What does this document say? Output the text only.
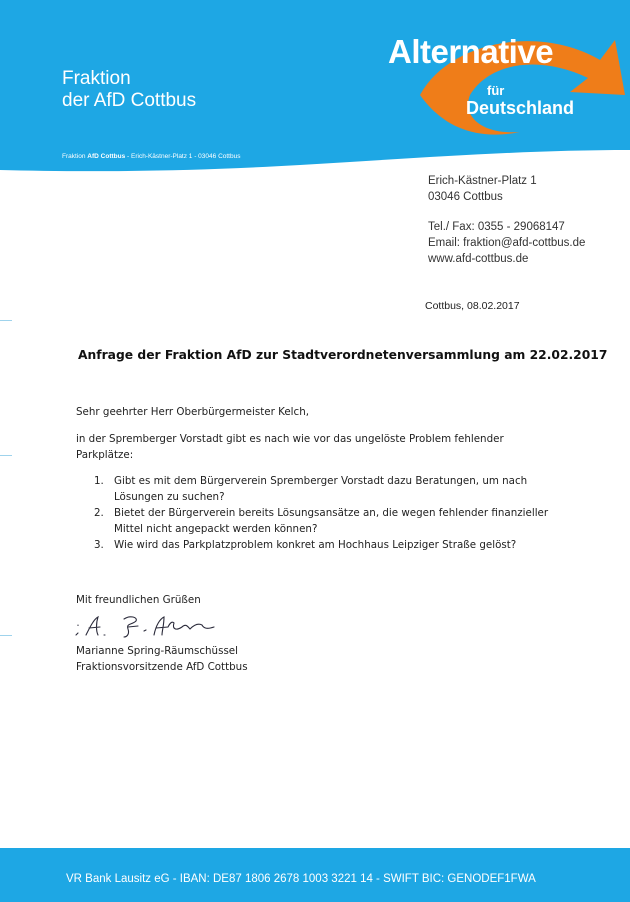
Fraktion
der AfD Cottbus
Fraktion AfD Cottbus - Erich-Kästner-Platz 1 - 03046 Cottbus
Alternative
für
Deutschland
Erich-Kästner-Platz 1
03046 Cottbus
Tel./ Fax: 0355 - 29068147
Email: fraktion@afd-cottbus.de
www.afd-cottbus.de
Cottbus, 08.02.2017
Anfrage der Fraktion AfD zur Stadtverordnetenversammlung am 22.02.2017
Sehr geehrter Herr Oberbürgermeister Kelch,
in der Spremberger Vorstadt gibt es nach wie vor das ungelöste Problem fehlender Parkplätze:
1. Gibt es mit dem Bürgerverein Spremberger Vorstadt dazu Beratungen, um nach Lösungen zu suchen?
2. Bietet der Bürgerverein bereits Lösungsansätze an, die wegen fehlender finanzieller Mittel nicht angepackt werden können?
3. Wie wird das Parkplatzproblem konkret am Hochhaus Leipziger Straße gelöst?
Mit freundlichen Grüßen
Marianne Spring-Räumschüssel
Fraktionsvorsitzende AfD Cottbus
VR Bank Lausitz eG - IBAN: DE87 1806 2678 1003 3221 14 - SWIFT BIC: GENODEF1FWA
